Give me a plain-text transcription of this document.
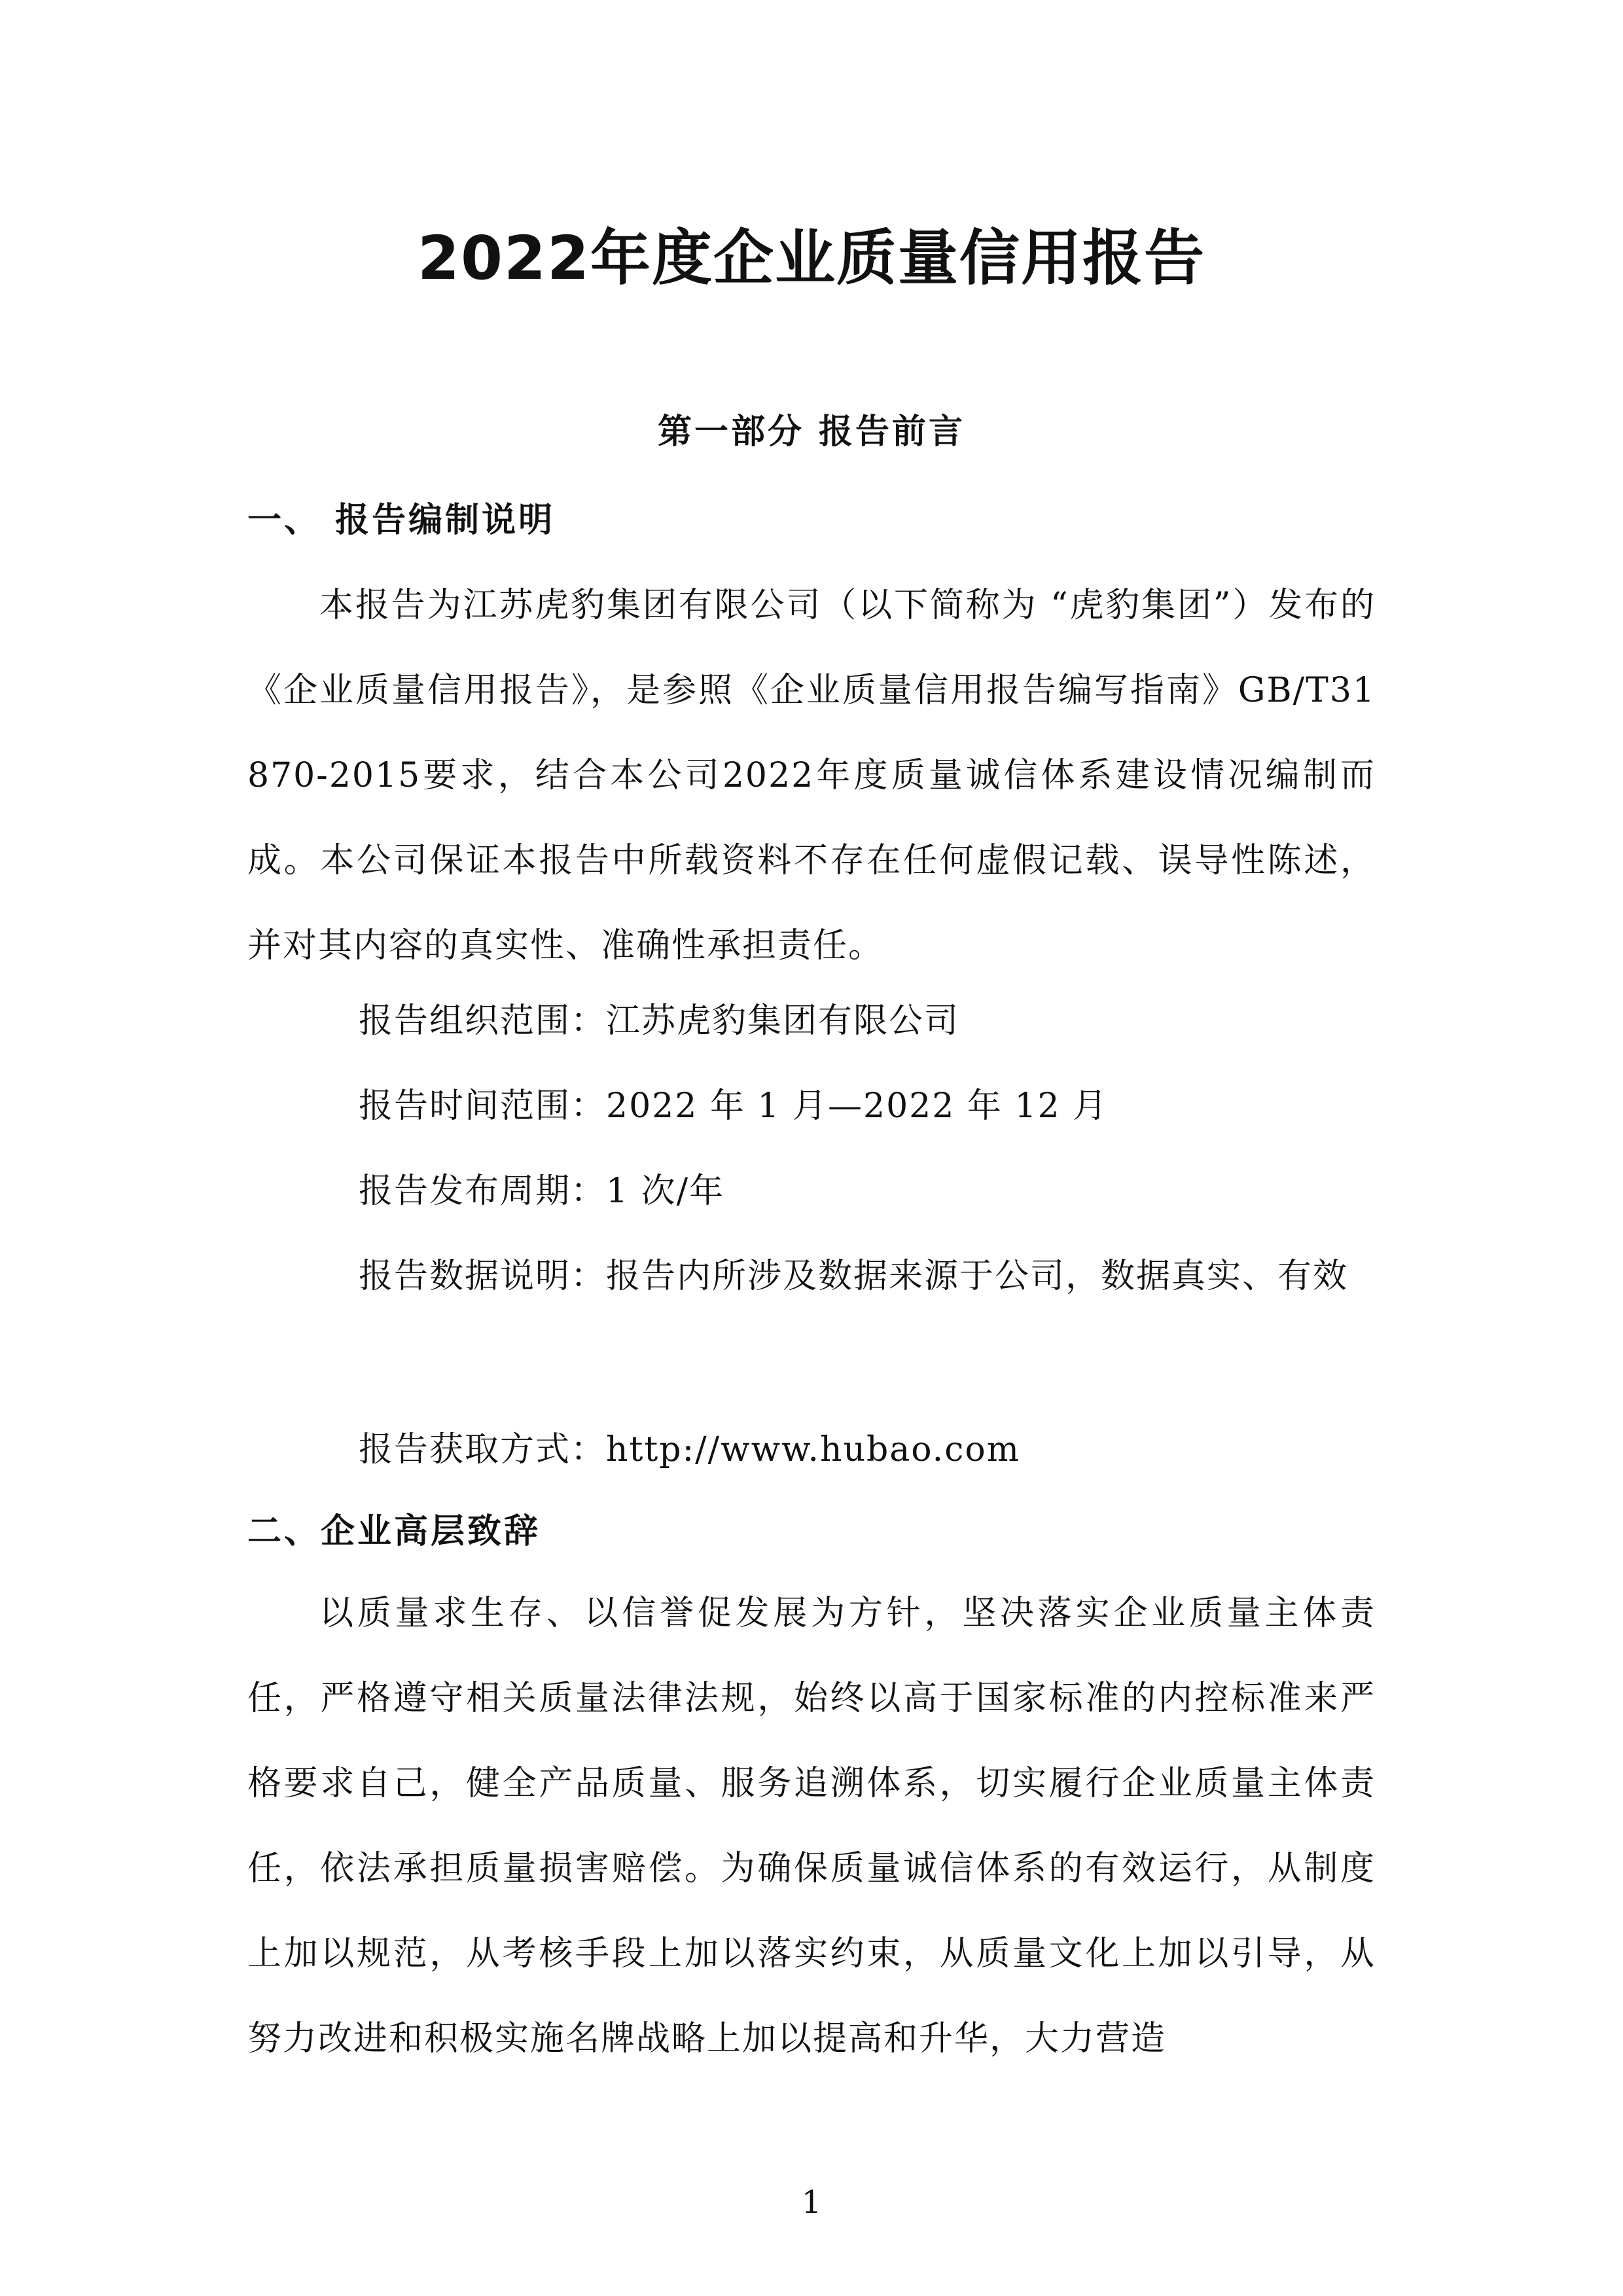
2022年度企业质量信用报告
第一部分 报告前言
一、 报告编制说明
本报告为江苏虎豹集团有限公司（以下简称为 “虎豹集团”）发布的《企业质量信用报告》，是参照《企业质量信用报告编写指南》GB/T31870-2015要求，结合本公司2022年度质量诚信体系建设情况编制而成。本公司保证本报告中所载资料不存在任何虚假记载、误导性陈述，并对其内容的真实性、准确性承担责任。
报告组织范围：江苏虎豹集团有限公司
报告时间范围：2022 年 1 月—2022 年 12 月
报告发布周期：1 次/年
报告数据说明：报告内所涉及数据来源于公司，数据真实、有效
报告获取方式：http://www.hubao.com
二、企业高层致辞
以质量求生存、以信誉促发展为方针，坚决落实企业质量主体责任，严格遵守相关质量法律法规，始终以高于国家标准的内控标准来严格要求自己，健全产品质量、服务追溯体系，切实履行企业质量主体责任，依法承担质量损害赔偿。为确保质量诚信体系的有效运行，从制度上加以规范，从考核手段上加以落实约束，从质量文化上加以引导，从努力改进和积极实施名牌战略上加以提高和升华，大力营造
1
